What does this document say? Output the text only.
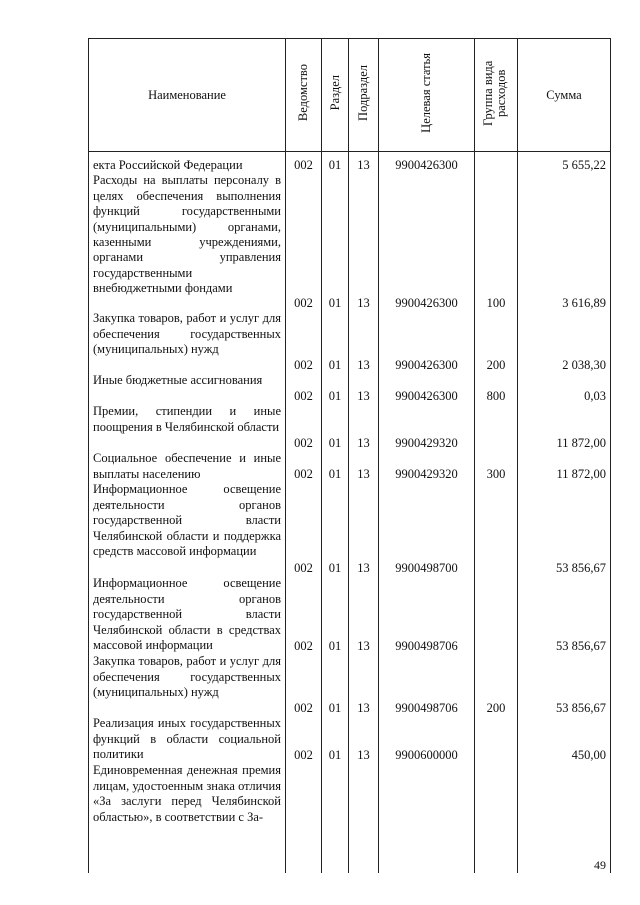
Наименование	Ведомство	Раздел	Подраздел	Целевая статья	Группа вида расходов	Сумма
екта Российской Федерации	002	01	13	9900426300		5 655,22
Расходы на выплаты персоналу в целях обеспечения выполнения функций государственными (муниципальными) органами, казенными учреждениями, органами управления государственными внебюджетными фондами	002	01	13	9900426300	100	3 616,89
Закупка товаров, работ и услуг для обеспечения государственных (муниципальных) нужд	002	01	13	9900426300	200	2 038,30
Иные бюджетные ассигнования	002	01	13	9900426300	800	0,03
Премии, стипендии и иные поощрения в Челябинской области	002	01	13	9900429320		11 872,00
Социальное обеспечение и иные выплаты населению	002	01	13	9900429320	300	11 872,00
Информационное освещение деятельности органов государственной власти Челябинской области и поддержка средств массовой информации	002	01	13	9900498700		53 856,67
Информационное освещение деятельности органов государственной власти Челябинской области в средствах массовой информации	002	01	13	9900498706		53 856,67
Закупка товаров, работ и услуг для обеспечения государственных (муниципальных) нужд	002	01	13	9900498706	200	53 856,67
Реализация иных государственных функций в области социальной политики	002	01	13	9900600000		450,00
Единовременная денежная премия лицам, удостоенным знака отличия «За заслуги перед Челябинской областью», в соответствии с За-						
49
